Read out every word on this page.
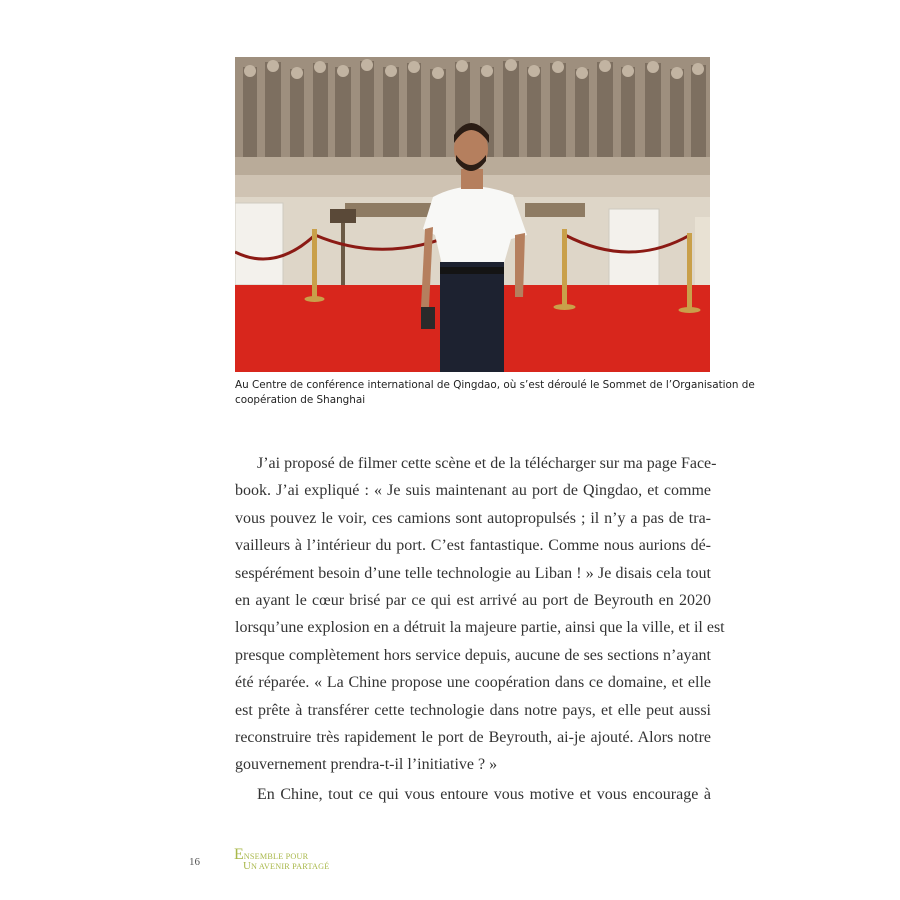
Au Centre de conférence international de Qingdao, où s’est déroulé le Sommet de l’Organisation de
coopération de Shanghai
J’ai proposé de filmer cette scène et de la télécharger sur ma page Face-
book. J’ai expliqué : « Je suis maintenant au port de Qingdao, et comme
vous pouvez le voir, ces camions sont autopropulsés ; il n’y a pas de tra-
vailleurs à l’intérieur du port. C’est fantastique. Comme nous aurions dé-
sespérément besoin d’une telle technologie au Liban ! » Je disais cela tout
en ayant le cœur brisé par ce qui est arrivé au port de Beyrouth en 2020
lorsqu’une explosion en a détruit la majeure partie, ainsi que la ville, et il est
presque complètement hors service depuis, aucune de ses sections n’ayant
été réparée. « La Chine propose une coopération dans ce domaine, et elle
est prête à transférer cette technologie dans notre pays, et elle peut aussi
reconstruire très rapidement le port de Beyrouth, ai-je ajouté. Alors notre
gouvernement prendra-t-il l’initiative ? »
En Chine, tout ce qui vous entoure vous motive et vous encourage à
16 ENSEMBLE POUR
UN AVENIR PARTAGÉ
